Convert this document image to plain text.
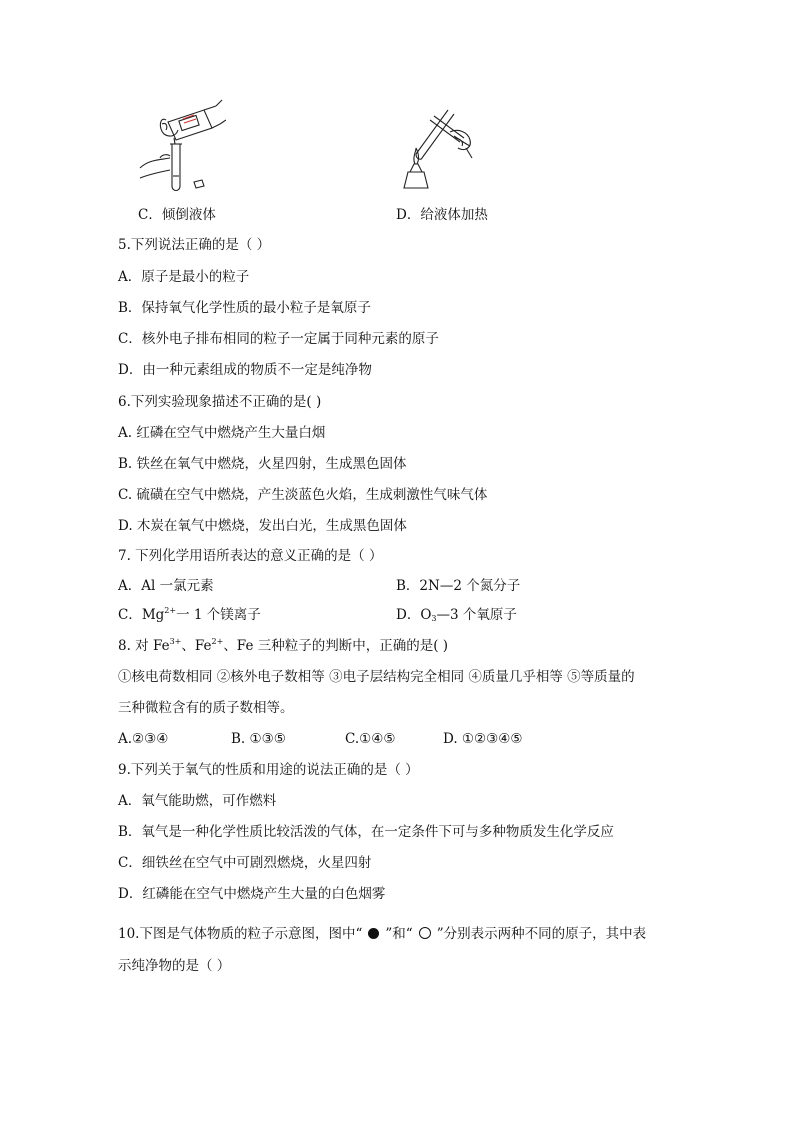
C．倾倒液体	D．给液体加热
5.下列说法正确的是（ ）
A．原子是最小的粒子
B．保持氧气化学性质的最小粒子是氧原子
C．核外电子排布相同的粒子一定属于同种元素的原子
D．由一种元素组成的物质不一定是纯净物
6.下列实验现象描述不正确的是( )
A. 红磷在空气中燃烧产生大量白烟
B. 铁丝在氧气中燃烧，火星四射，生成黑色固体
C. 硫磺在空气中燃烧，产生淡蓝色火焰，生成刺激性气味气体
D. 木炭在氧气中燃烧，发出白光，生成黑色固体
7. 下列化学用语所表达的意义正确的是（ ）
A．Al 一氯元素	B．2N—2 个氮分子
C．$Mg^{2+}$一 1 个镁离子	D．$O_3—3$ 个氧原子
8. 对 $Fe^{3+}$、$Fe^{2+}$、Fe 三种粒子的判断中，正确的是( )
①核电荷数相同 ②核外电子数相等 ③电子层结构完全相同 ④质量几乎相等 ⑤等质量的
三种微粒含有的质子数相等。
A.②③④	B. ①③⑤	C.①④⑤	D. ①②③④⑤
9.下列关于氧气的性质和用途的说法正确的是（ ）
A．氧气能助燃，可作燃料
B．氧气是一种化学性质比较活泼的气体，在一定条件下可与多种物质发生化学反应
C．细铁丝在空气中可剧烈燃烧，火星四射
D．红磷能在空气中燃烧产生大量的白色烟雾
10.下图是气体物质的粒子示意图，图中“ ”和“ ”分别表示两种不同的原子，其中表
示纯净物的是（ ）
